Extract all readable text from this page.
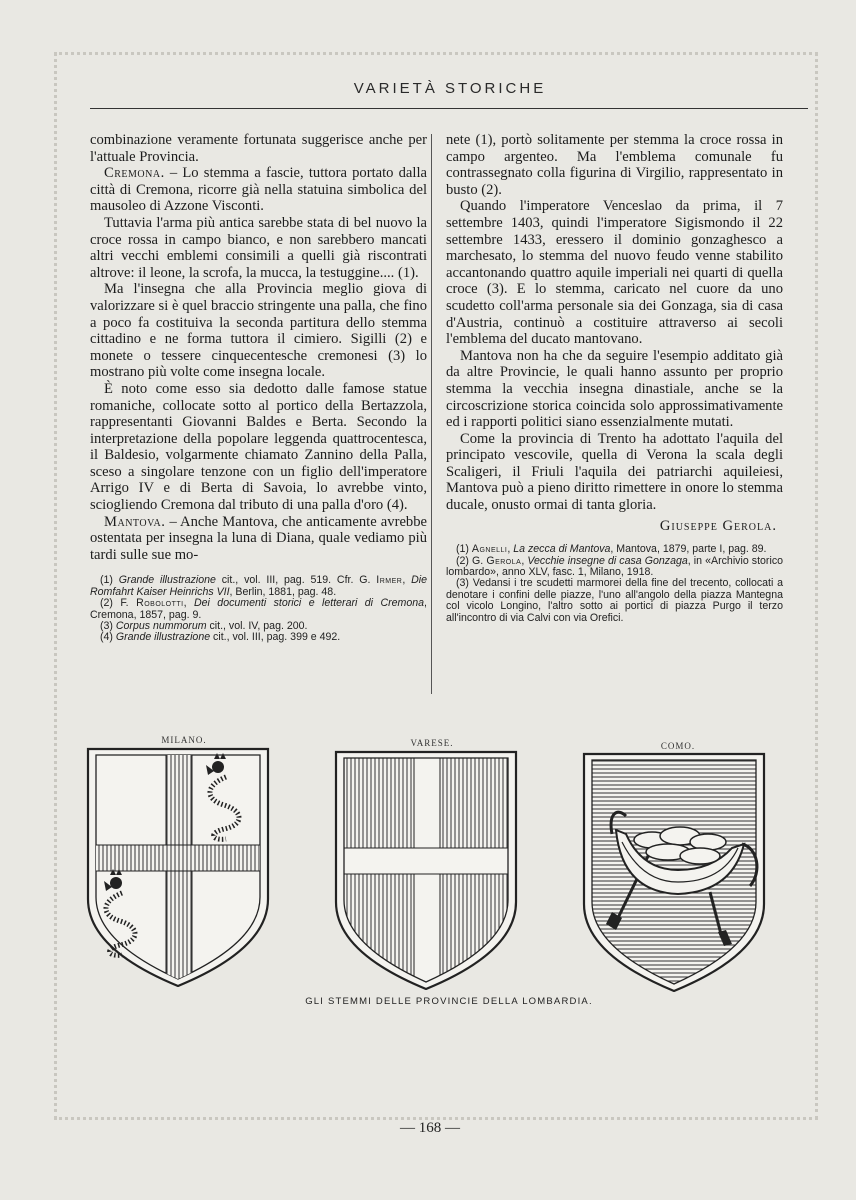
VARIETÀ STORICHE

combinazione veramente fortunata suggerisce anche per l'attuale Provincia.

Cremona. – Lo stemma a fascie, tuttora portato dalla città di Cremona, ricorre già nella statuina simbolica del mausoleo di Azzone Visconti.

Tuttavia l'arma più antica sarebbe stata di bel nuovo la croce rossa in campo bianco, e non sarebbero mancati altri vecchi emblemi consimili a quelli già riscontrati altrove: il leone, la scrofa, la mucca, la testuggine.... (1).

Ma l'insegna che alla Provincia meglio giova di valorizzare si è quel braccio stringente una palla, che fino a poco fa costituiva la seconda partitura dello stemma cittadino e ne forma tuttora il cimiero. Sigilli (2) e monete o tessere cinquecentesche cremonesi (3) lo mostrano più volte come insegna locale.

È noto come esso sia dedotto dalle famose statue romaniche, collocate sotto al portico della Bertazzola, rappresentanti Giovanni Baldes e Berta. Secondo la interpretazione della popolare leggenda quattrocentesca, il Baldesio, volgarmente chiamato Zannino della Palla, sceso a singolare tenzone con un figlio dell'imperatore Arrigo IV e di Berta di Savoia, lo avrebbe vinto, sciogliendo Cremona dal tributo di una palla d'oro (4).

Mantova. – Anche Mantova, che anticamente avrebbe ostentata per insegna la luna di Diana, quale vediamo più tardi sulle sue mo-

(1) Grande illustrazione cit., vol. III, pag. 519. Cfr. G. Irmer, Die Romfahrt Kaiser Heinrichs VII, Berlin, 1881, pag. 48.

(2) F. Robolotti, Dei documenti storici e letterari di Cremona, Cremona, 1857, pag. 9.

(3) Corpus nummorum cit., vol. IV, pag. 200.

(4) Grande illustrazione cit., vol. III, pag. 399 e 492.

nete (1), portò solitamente per stemma la croce rossa in campo argenteo. Ma l'emblema comunale fu contrassegnato colla figurina di Virgilio, rappresentato in busto (2).

Quando l'imperatore Venceslao da prima, il 7 settembre 1403, quindi l'imperatore Sigismondo il 22 settembre 1433, eressero il dominio gonzaghesco a marchesato, lo stemma del nuovo feudo venne stabilito accantonando quattro aquile imperiali nei quarti di quella croce (3). E lo stemma, caricato nel cuore da uno scudetto coll'arma personale sia dei Gonzaga, sia di casa d'Austria, continuò a costituire attraverso ai secoli l'emblema del ducato mantovano.

Mantova non ha che da seguire l'esempio additato già da altre Provincie, le quali hanno assunto per proprio stemma la vecchia insegna dinastiale, anche se la circoscrizione storica coincida solo approssimativamente ed i rapporti politici siano essenzialmente mutati.

Come la provincia di Trento ha adottato l'aquila del principato vescovile, quella di Verona la scala degli Scaligeri, il Friuli l'aquila dei patriarchi aquileiesi, Mantova può a pieno diritto rimettere in onore lo stemma ducale, onusto ormai di tanta gloria.

Giuseppe Gerola.

(1) Agnelli, La zecca di Mantova, Mantova, 1879, parte I, pag. 89.

(2) G. Gerola, Vecchie insegne di casa Gonzaga, in «Archivio storico lombardo», anno XLV, fasc. 1, Milano, 1918.

(3) Vedansi i tre scudetti marmorei della fine del trecento, collocati a denotare i confini delle piazze, l'uno all'angolo della piazza Mantegna col vicolo Longino, l'altro sotto ai portici di piazza Purgo il terzo all'incontro di via Calvi con via Orefici.

MILANO.	VARESE.	COMO.
GLI STEMMI DELLE PROVINCIE DELLA LOMBARDIA.
— 168 —
